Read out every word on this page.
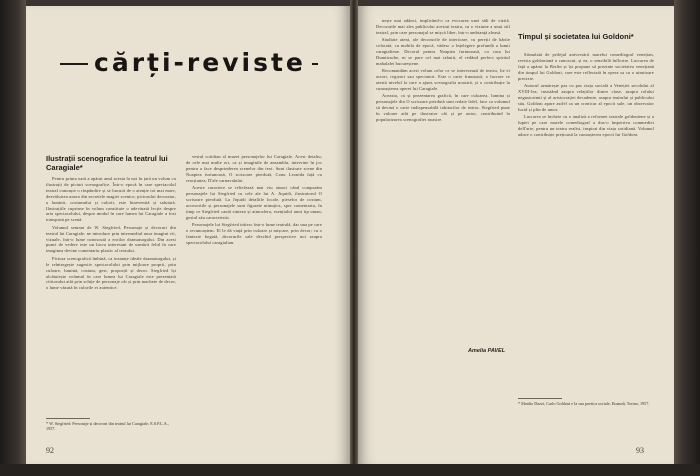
cărți-reviste
Ilustrații scenografice la teatrul lui Caragiale*

Pentru prima oară a apărut anul acesta la noi în țară un volum cu ilustrații de picturi scenografice. Într-o epocă în care spectacolul teatral cunoaște o răspândire și se bucură de o atenție tot mai mare, dezvăluirea unora din secretele magiei scenice, pictorului decorator, a luminii, costumului și culorii, este binevenită și salutară. Ilustrațiile cuprinse în volum constituie o adevărată lecție despre arta spectacolului, despre modul în care lumea lui Caragiale a fost transpusă pe scenă.

Volumul semnat de W. Siegfried, Personaje și decoruri din teatrul lui Caragiale, ne introduce prin intermediul unor imagini vii, vizuale, într-o lume cunoscută a eroilor dramaturgului. Din acest punct de vedere este un lucru interesant de urmărit felul în care imaginea devine comentariu plastic al textului.

Pictura scenografică îmbină, ca instanțe ideale dramaturgului, și le reîntregește sugestiv spectacolului prin mijloace proprii, prin culoare, lumină, costum, gest, proporții și decor. Siegfried își alcătuiește volumul în care lumea lui Caragiale este prezentată cititorului atât prin schițe de personaje cât și prin machete de decor, o lume văzută în culorile ei autentice.

* W. Siegfried: Personaje și decoruri din teatrul lui Caragiale, E.S.P.L.A., 1957.

vestul cotidian al muzei personajelor lui Caragiale. Acest detaliu, de cele mai multe ori, ca și imaginile de ansamblu, intervine în joc pentru a face desprinderea scenelor din text. Sunt ilustrate scene din Noaptea furtunoasă, O scrisoare pierdută, Conu Leonida față cu reacțiunea, D'ale carnavalului.

Aceste caractere se reliefează mai viu atunci când comparăm personajele lui Siegfried cu cele ale lui A. Jiquidi, ilustratorul O scrisoare pierdută. La Jiquidi detaliile locale, pieselor de costum, accesoriile și personajele sunt figurate minuțios, spre comentariu, în timp ce Siegfried caută sinteza și atmosfera, esențialul unui tip uman, gestul său caracteristic.

Personajele lui Siegfried trăiesc într-o lume teatrală, dar una pe care o recunoaștem. El le dă viață prin culoare și mișcare, prin decor; cu o fantezie bogată, decorurile sale deschid perspective noi asupra spectacolului caragialian.

92

nește mai adânci, implicând-o ca evocarea unei săli de vizită. Decorurile mai ales publicului acestui teatru, cu o viziune a unui stil teatral, prin care personajul se mișcă liber, într-o ambianță aleasă.

Studiate atent, ale decorurile de interioare, cu pereții de hârtie colorată, cu mobila de epocă, vădesc o înțelegere profundă a lumii caragialiene. Decorul pentru Noaptea furtunoasă, cu casa lui Dumitrache, ni se pare cel mai izbutit, el redând perfect spiritul mahalalei bucureștene.

Recomandăm acest volum celor ce se interesează de teatru, fie ei actori, regizori sau spectatori. Este o carte frumoasă, o lucrare ce atestă nivelul la care a ajuns scenografia noastră, și o contribuție la cunoașterea operei lui Caragiale.

Aceasta, ca și prezentarea grafică, în care culoarea, lumina și personajele din O scrisoare pierdută sunt redate fidel, face ca volumul să devină o carte indispensabilă iubitorilor de teatru. Siegfried pune în valoare atât pe ilustrator cât și pe autor, contribuind la popularizarea scenografiei noastre.

Amelia PAVEL
Timpul și societatea lui Goldoni*

Stimulată de prilejul aniversării marelui comediograf venețian, revista goldoniană a cunoscut, și ea, o sensibilă înflorire. Lucrarea de față a apărut la Berlin și își propune să prezinte societatea venețiană din timpul lui Goldoni, care este reflectată în opera sa cu o uimitoare precizie.

Autorul urmărește pas cu pas viața socială a Veneției secolului al XVIII-lea, insistând asupra relațiilor dintre clase, asupra rolului negustorimii și al aristocrației decadente, asupra teatrului și publicului său. Goldoni apare astfel ca un cronicar al epocii sale, un observator lucid și plin de umor.

Lucrarea se încheie cu o analiză a reformei teatrale goldoniene și a luptei pe care marele comediograf a dus-o împotriva commediei dell'arte, pentru un teatru realist, inspirat din viața cotidiană. Volumul aduce o contribuție prețioasă la cunoașterea epocii lui Goldoni.

* Manlio Dazzi, Carlo Goldoni e la sua poetica sociale, Einaudi, Torino, 1957.
93
